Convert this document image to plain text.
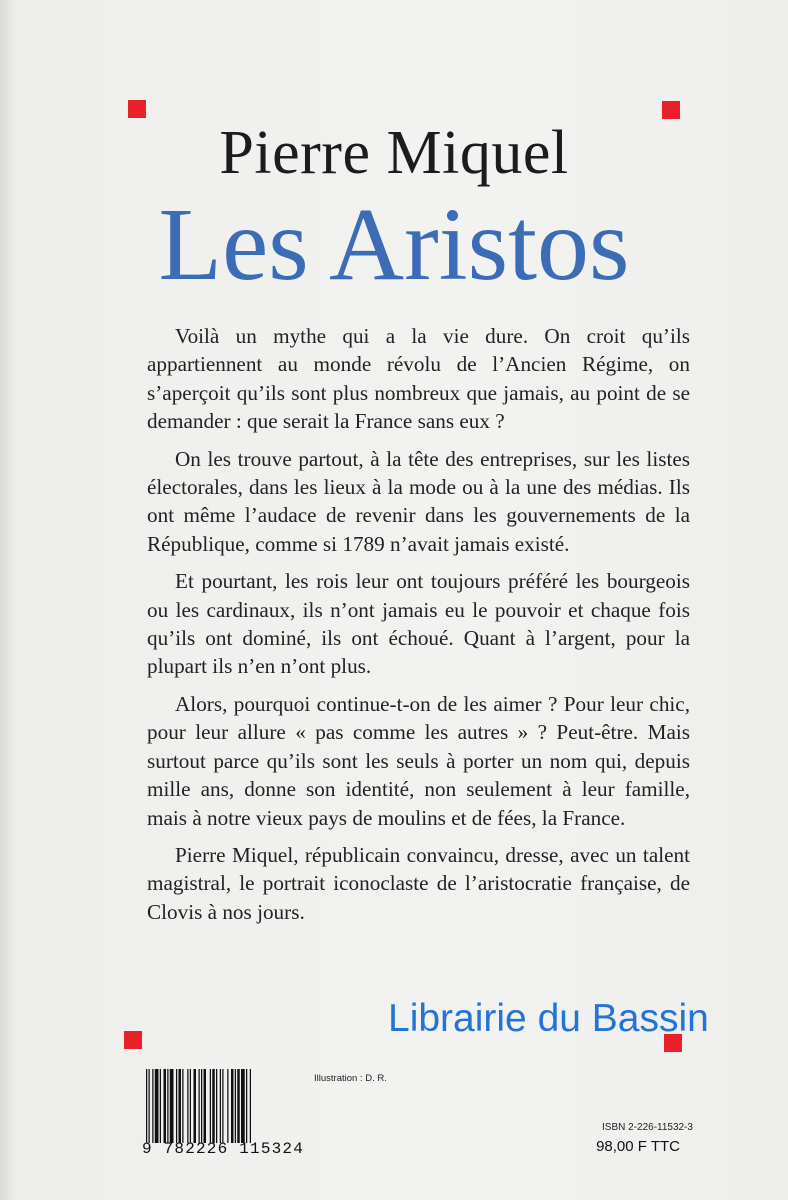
Pierre Miquel
Les Aristos

Voilà un mythe qui a la vie dure. On croit qu’ils appartiennent au monde révolu de l’Ancien Régime, on s’aperçoit qu’ils sont plus nombreux que jamais, au point de se demander : que serait la France sans eux ?

On les trouve partout, à la tête des entreprises, sur les listes électorales, dans les lieux à la mode ou à la une des médias. Ils ont même l’audace de revenir dans les gouvernements de la République, comme si 1789 n’avait jamais existé.

Et pourtant, les rois leur ont toujours préféré les bourgeois ou les cardinaux, ils n’ont jamais eu le pouvoir et chaque fois qu’ils ont dominé, ils ont échoué. Quant à l’argent, pour la plupart ils n’en n’ont plus.

Alors, pourquoi continue-t-on de les aimer ? Pour leur chic, pour leur allure « pas comme les autres » ? Peut-être. Mais surtout parce qu’ils sont les seuls à porter un nom qui, depuis mille ans, donne son identité, non seulement à leur famille, mais à notre vieux pays de moulins et de fées, la France.

Pierre Miquel, républicain convaincu, dresse, avec un talent magistral, le portrait iconoclaste de l’aristocratie française, de Clovis à nos jours.

Librairie du Bassin
9 782226 115324
Illustration : D. R.
ISBN 2-226-11532-3
98,00 F TTC
